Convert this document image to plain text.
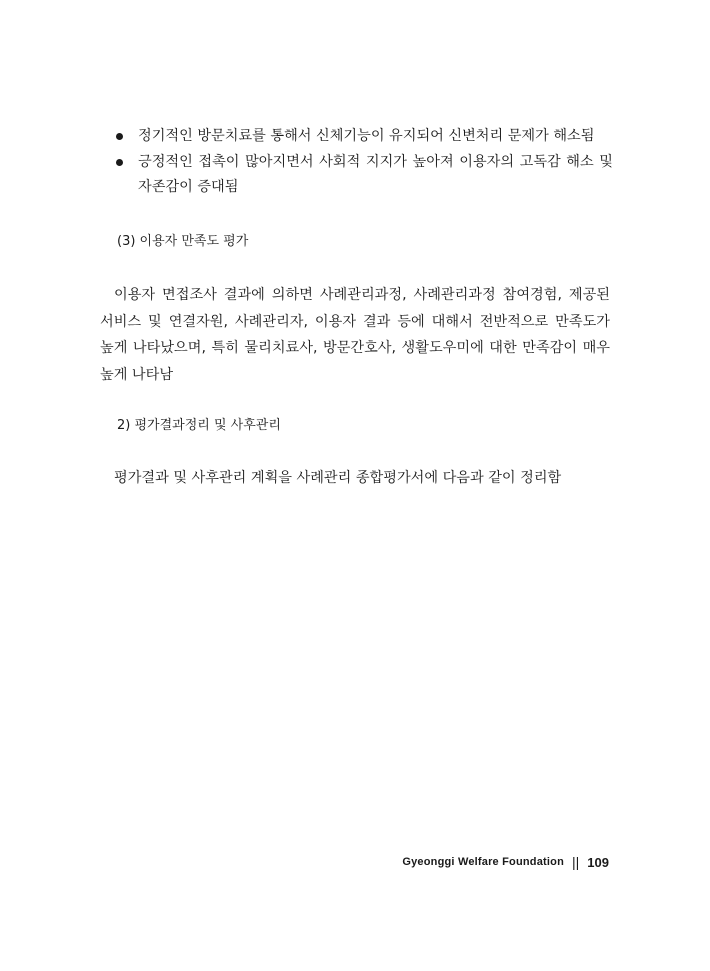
정기적인 방문치료를 통해서 신체기능이 유지되어 신변처리 문제가 해소됨
긍정적인 접촉이 많아지면서 사회적 지지가 높아져 이용자의 고독감 해소 및 자존감이 증대됨
(3) 이용자 만족도 평가

이용자 면접조사 결과에 의하면 사례관리과정, 사례관리과정 참여경험, 제공된 서비스 및 연결자원, 사례관리자, 이용자 결과 등에 대해서 전반적으로 만족도가 높게 나타났으며, 특히 물리치료사, 방문간호사, 생활도우미에 대한 만족감이 매우 높게 나타남

2) 평가결과정리 및 사후관리

평가결과 및 사후관리 계획을 사례관리 종합평가서에 다음과 같이 정리함

Gyeonggi Welfare Foundation || 109
